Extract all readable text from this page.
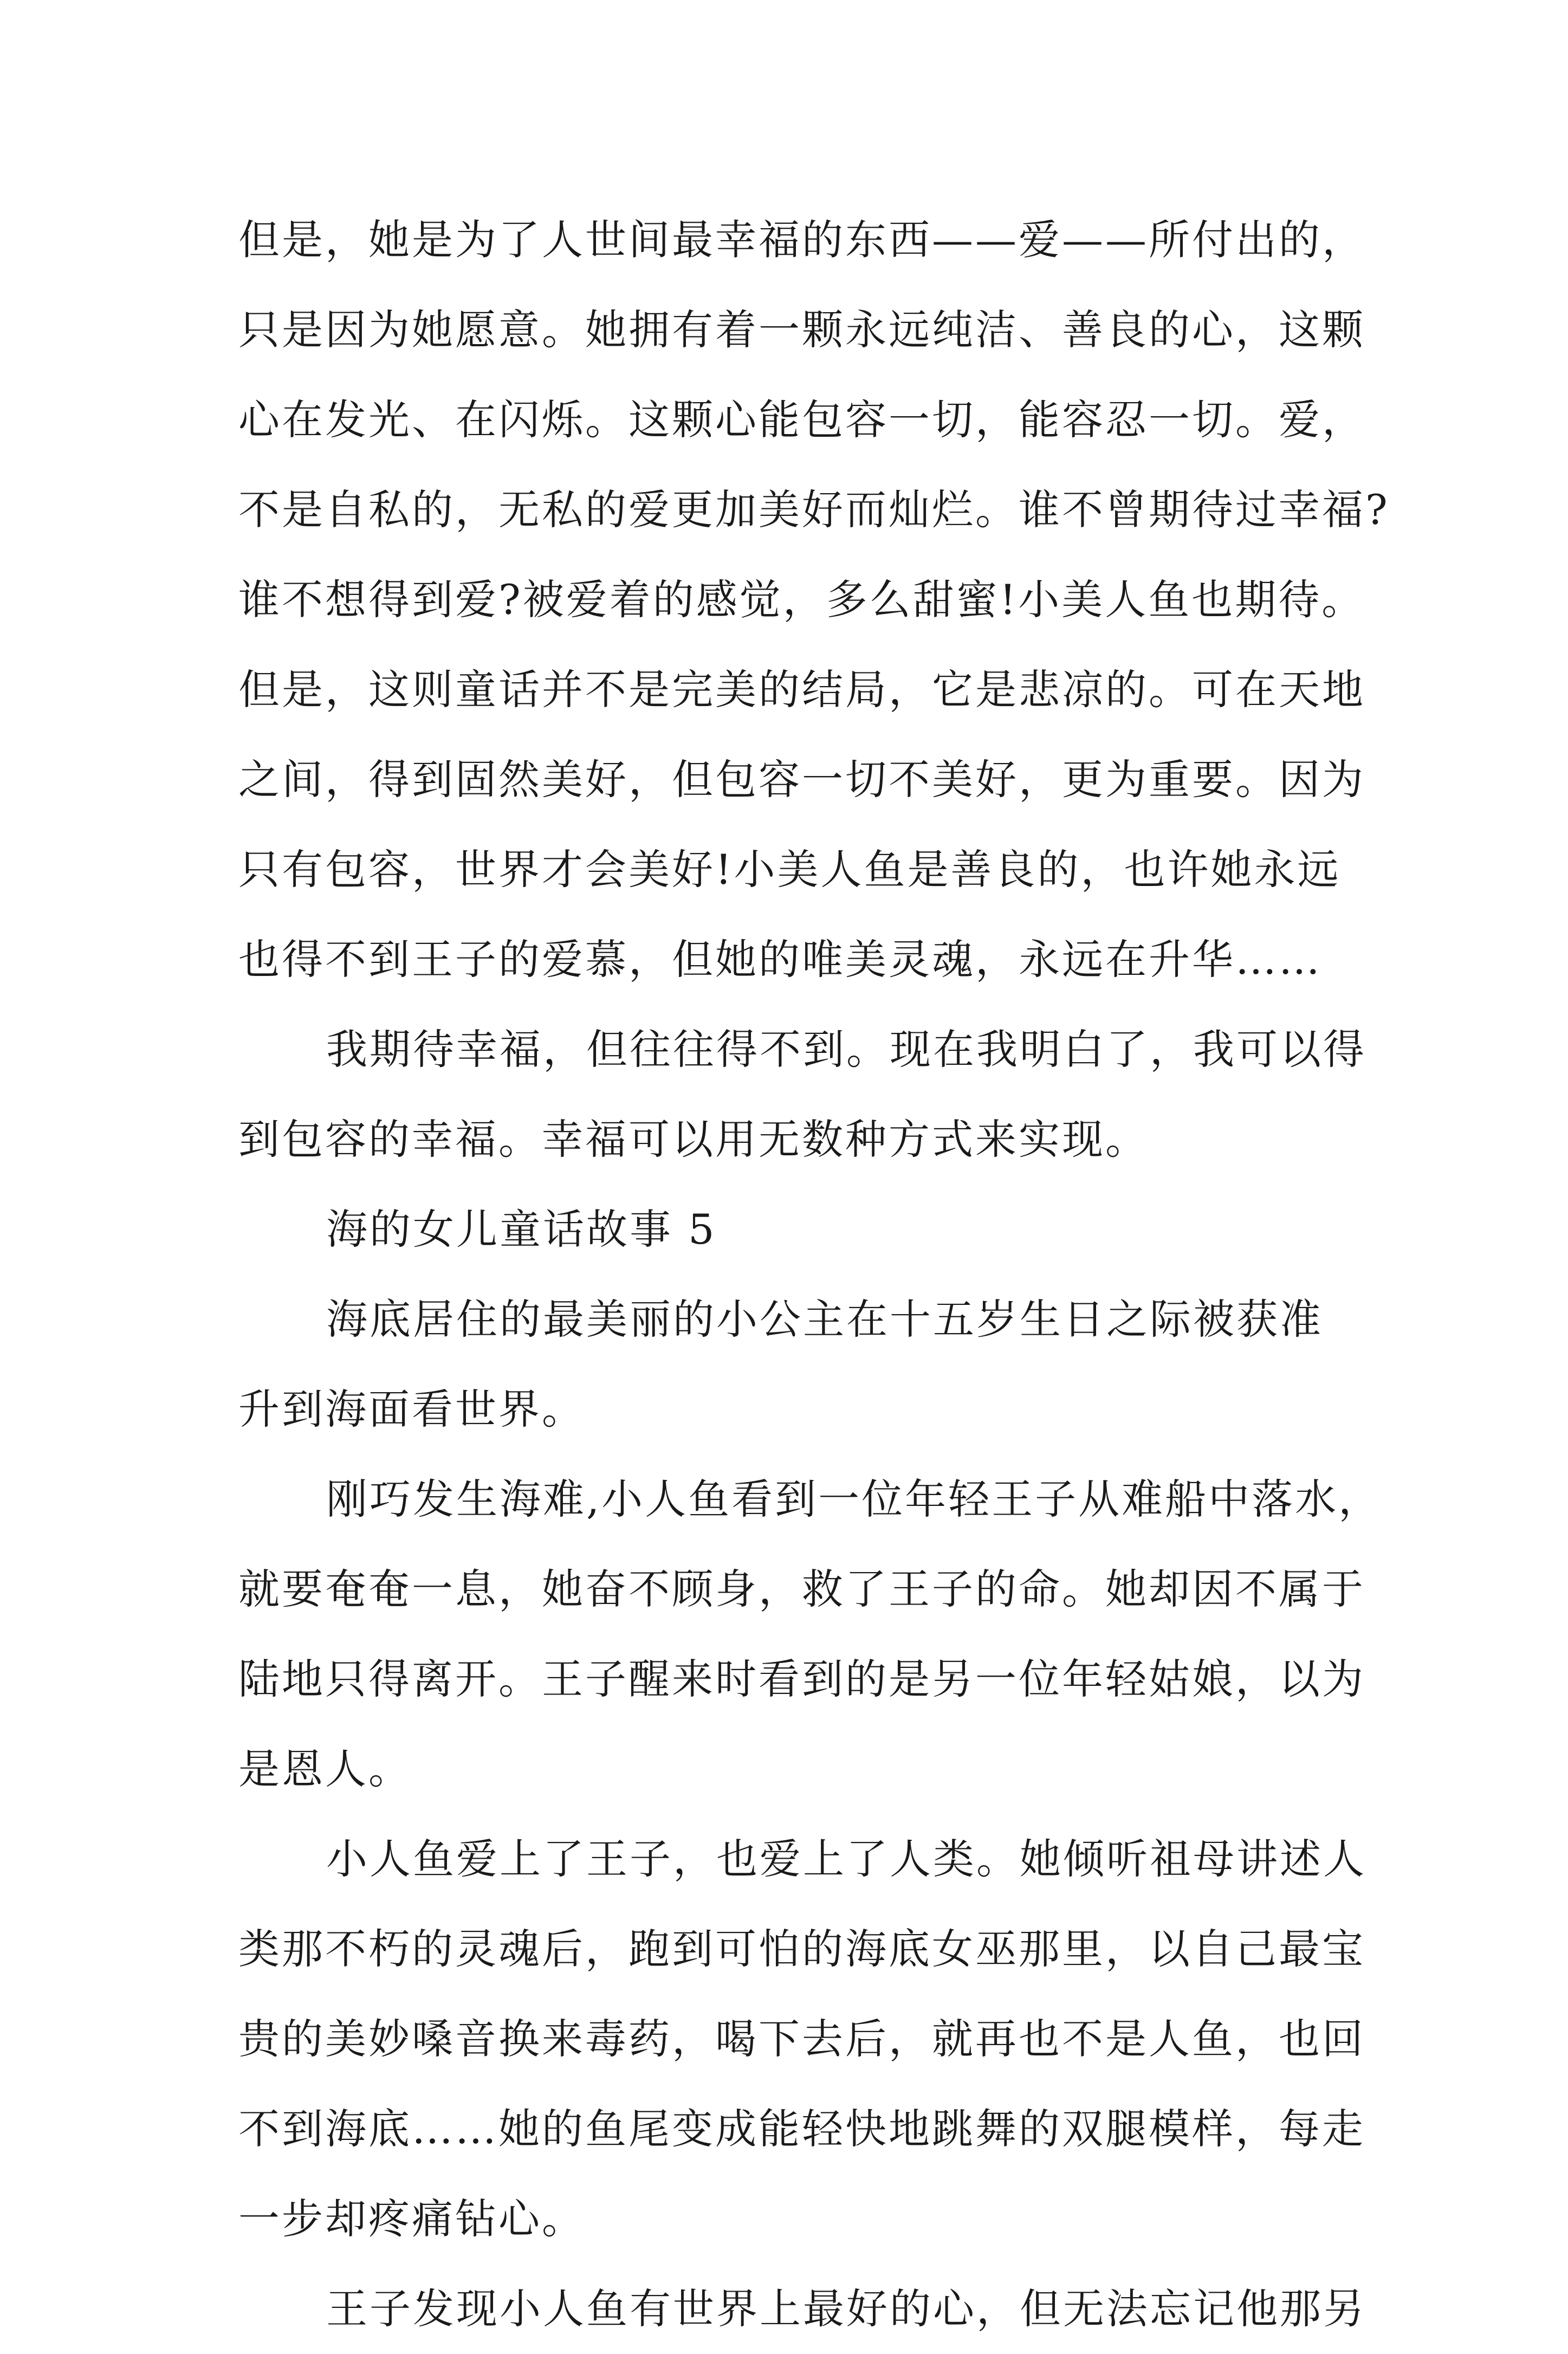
但是，她是为了人世间最幸福的东西——爱——所付出的，
只是因为她愿意。她拥有着一颗永远纯洁、善良的心，这颗
心在发光、在闪烁。这颗心能包容一切，能容忍一切。爱，
不是自私的，无私的爱更加美好而灿烂。谁不曾期待过幸福?
谁不想得到爱?被爱着的感觉，多么甜蜜!小美人鱼也期待。
但是，这则童话并不是完美的结局，它是悲凉的。可在天地
之间，得到固然美好，但包容一切不美好，更为重要。因为
只有包容，世界才会美好!小美人鱼是善良的，也许她永远
也得不到王子的爱慕，但她的唯美灵魂，永远在升华……

我期待幸福，但往往得不到。现在我明白了，我可以得
到包容的幸福。幸福可以用无数种方式来实现。

海的女儿童话故事 5

海底居住的最美丽的小公主在十五岁生日之际被获准
升到海面看世界。

刚巧发生海难,小人鱼看到一位年轻王子从难船中落水，
就要奄奄一息，她奋不顾身，救了王子的命。她却因不属于
陆地只得离开。王子醒来时看到的是另一位年轻姑娘，以为
是恩人。

小人鱼爱上了王子，也爱上了人类。她倾听祖母讲述人
类那不朽的灵魂后，跑到可怕的海底女巫那里，以自己最宝
贵的美妙嗓音换来毒药，喝下去后，就再也不是人鱼，也回
不到海底……她的鱼尾变成能轻快地跳舞的双腿模样，每走
一步却疼痛钻心。

王子发现小人鱼有世界上最好的心，但无法忘记他那另
